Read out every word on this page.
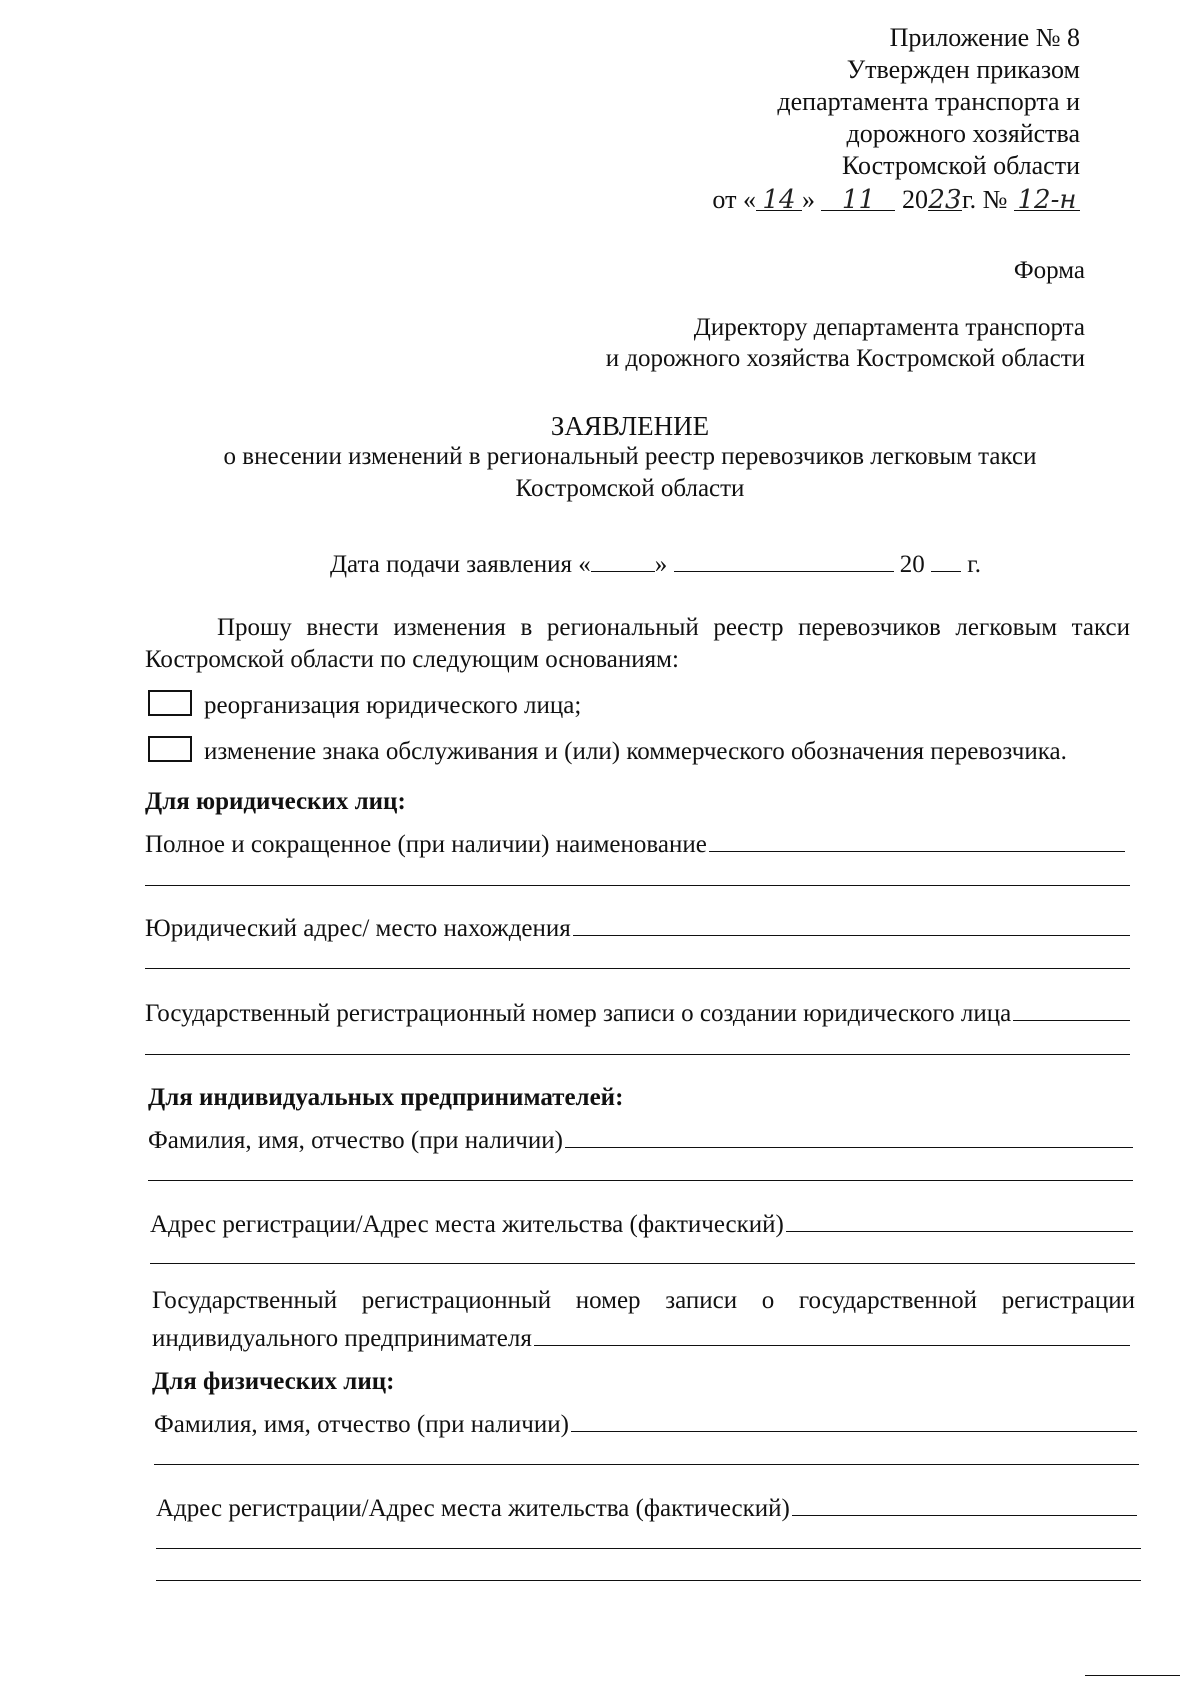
Приложение № 8
Утвержден приказом
департамента транспорта и
дорожного хозяйства
Костромской области
от « 14 » 11 2023г. № 12-н
Форма
Директору департамента транспорта
и дорожного хозяйства Костромской области
ЗАЯВЛЕНИЕ
о внесении изменений в региональный реестр перевозчиков легковым такси
Костромской области
Дата подачи заявления «	»	20 г.
Прошу внести изменения в региональный реестр перевозчиков легковым такси
Костромской области по следующим основаниям:
реорганизация юридического лица;
изменение знака обслуживания и (или) коммерческого обозначения перевозчика.
Для юридических лиц:
Полное и сокращенное (при наличии) наименование
Юридический адрес/ место нахождения
Государственный регистрационный номер записи о создании юридического лица
Для индивидуальных предпринимателей:
Фамилия, имя, отчество (при наличии)
Адрес регистрации/Адрес места жительства (фактический)
Государственный регистрационный номер записи о государственной регистрации
индивидуального предпринимателя
Для физических лиц:
Фамилия, имя, отчество (при наличии)
Адрес регистрации/Адрес места жительства (фактический)
